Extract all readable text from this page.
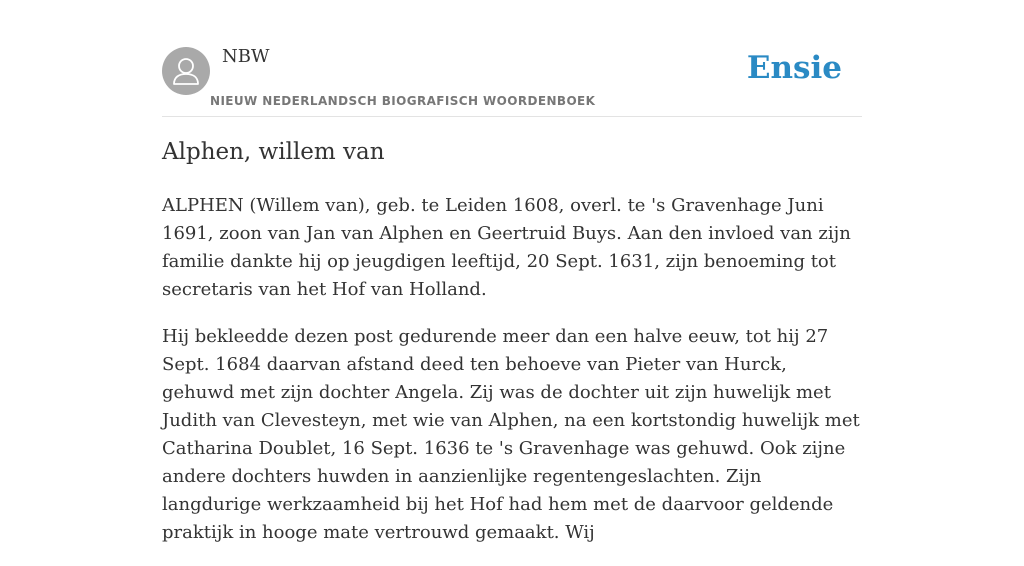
NBW
NIEUW NEDERLANDSCH BIOGRAFISCH WOORDENBOEK
Ensie
Alphen, willem van

ALPHEN (Willem van), geb. te Leiden 1608, overl. te 's Gravenhage Juni 1691, zoon van Jan van Alphen en Geertruid Buys. Aan den invloed van zijn familie dankte hij op jeugdigen leeftijd, 20 Sept. 1631, zijn benoeming tot secretaris van het Hof van Holland.

Hij bekleedde dezen post gedurende meer dan een halve eeuw, tot hij 27 Sept. 1684 daarvan afstand deed ten behoeve van Pieter van Hurck, gehuwd met zijn dochter Angela. Zij was de dochter uit zijn huwelijk met Judith van Clevesteyn, met wie van Alphen, na een kortstondig huwelijk met Catharina Doublet, 16 Sept. 1636 te 's Gravenhage was gehuwd. Ook zijne andere dochters huwden in aanzienlijke regentengeslachten. Zijn langdurige werkzaamheid bij het Hof had hem met de daarvoor geldende praktijk in hooge mate vertrouwd gemaakt. Wij
